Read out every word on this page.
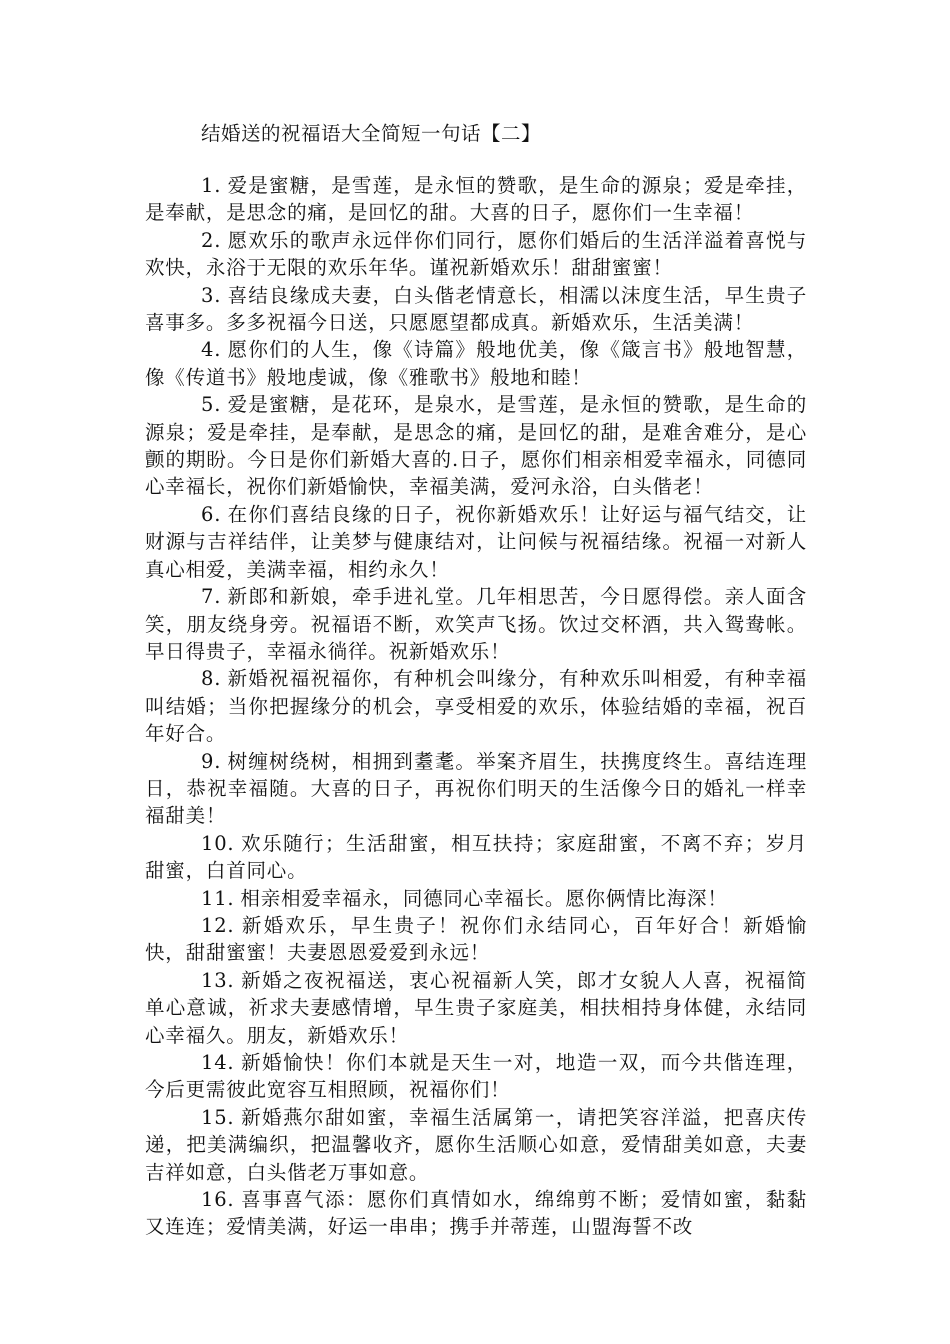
结婚送的祝福语大全简短一句话【二】

1. 爱是蜜糖，是雪莲，是永恒的赞歌，是生命的源泉；爱是牵挂，是奉献，是思念的痛，是回忆的甜。大喜的日子，愿你们一生幸福！

2. 愿欢乐的歌声永远伴你们同行，愿你们婚后的生活洋溢着喜悦与欢快，永浴于无限的欢乐年华。谨祝新婚欢乐！甜甜蜜蜜！

3. 喜结良缘成夫妻，白头偕老情意长，相濡以沫度生活，早生贵子喜事多。多多祝福今日送，只愿愿望都成真。新婚欢乐，生活美满！

4. 愿你们的人生，像《诗篇》般地优美，像《箴言书》般地智慧，像《传道书》般地虔诚，像《雅歌书》般地和睦！

5. 爱是蜜糖，是花环，是泉水，是雪莲，是永恒的赞歌，是生命的源泉；爱是牵挂，是奉献，是思念的痛，是回忆的甜，是难舍难分，是心颤的期盼。今日是你们新婚大喜的.日子，愿你们相亲相爱幸福永，同德同心幸福长，祝你们新婚愉快，幸福美满，爱河永浴，白头偕老！

6. 在你们喜结良缘的日子，祝你新婚欢乐！让好运与福气结交，让财源与吉祥结伴，让美梦与健康结对，让问候与祝福结缘。祝福一对新人真心相爱，美满幸福，相约永久！

7. 新郎和新娘，牵手进礼堂。几年相思苦，今日愿得偿。亲人面含笑，朋友绕身旁。祝福语不断，欢笑声飞扬。饮过交杯酒，共入鸳鸯帐。早日得贵子，幸福永徜徉。祝新婚欢乐！

8. 新婚祝福祝福你，有种机会叫缘分，有种欢乐叫相爱，有种幸福叫结婚；当你把握缘分的机会，享受相爱的欢乐，体验结婚的幸福，祝百年好合。

9. 树缠树绕树，相拥到耋耄。举案齐眉生，扶携度终生。喜结连理日，恭祝幸福随。大喜的日子，再祝你们明天的生活像今日的婚礼一样幸福甜美！

10. 欢乐随行；生活甜蜜，相互扶持；家庭甜蜜，不离不弃；岁月甜蜜，白首同心。

11. 相亲相爱幸福永，同德同心幸福长。愿你俩情比海深！

12. 新婚欢乐，早生贵子！祝你们永结同心，百年好合！新婚愉快，甜甜蜜蜜！夫妻恩恩爱爱到永远！

13. 新婚之夜祝福送，衷心祝福新人笑，郎才女貌人人喜，祝福简单心意诚，祈求夫妻感情增，早生贵子家庭美，相扶相持身体健，永结同心幸福久。朋友，新婚欢乐！

14. 新婚愉快！你们本就是天生一对，地造一双，而今共偕连理，今后更需彼此宽容互相照顾，祝福你们！

15. 新婚燕尔甜如蜜，幸福生活属第一，请把笑容洋溢，把喜庆传递，把美满编织，把温馨收齐，愿你生活顺心如意，爱情甜美如意，夫妻吉祥如意，白头偕老万事如意。

16. 喜事喜气添：愿你们真情如水，绵绵剪不断；爱情如蜜，黏黏又连连；爱情美满，好运一串串；携手并蒂莲，山盟海誓不改
